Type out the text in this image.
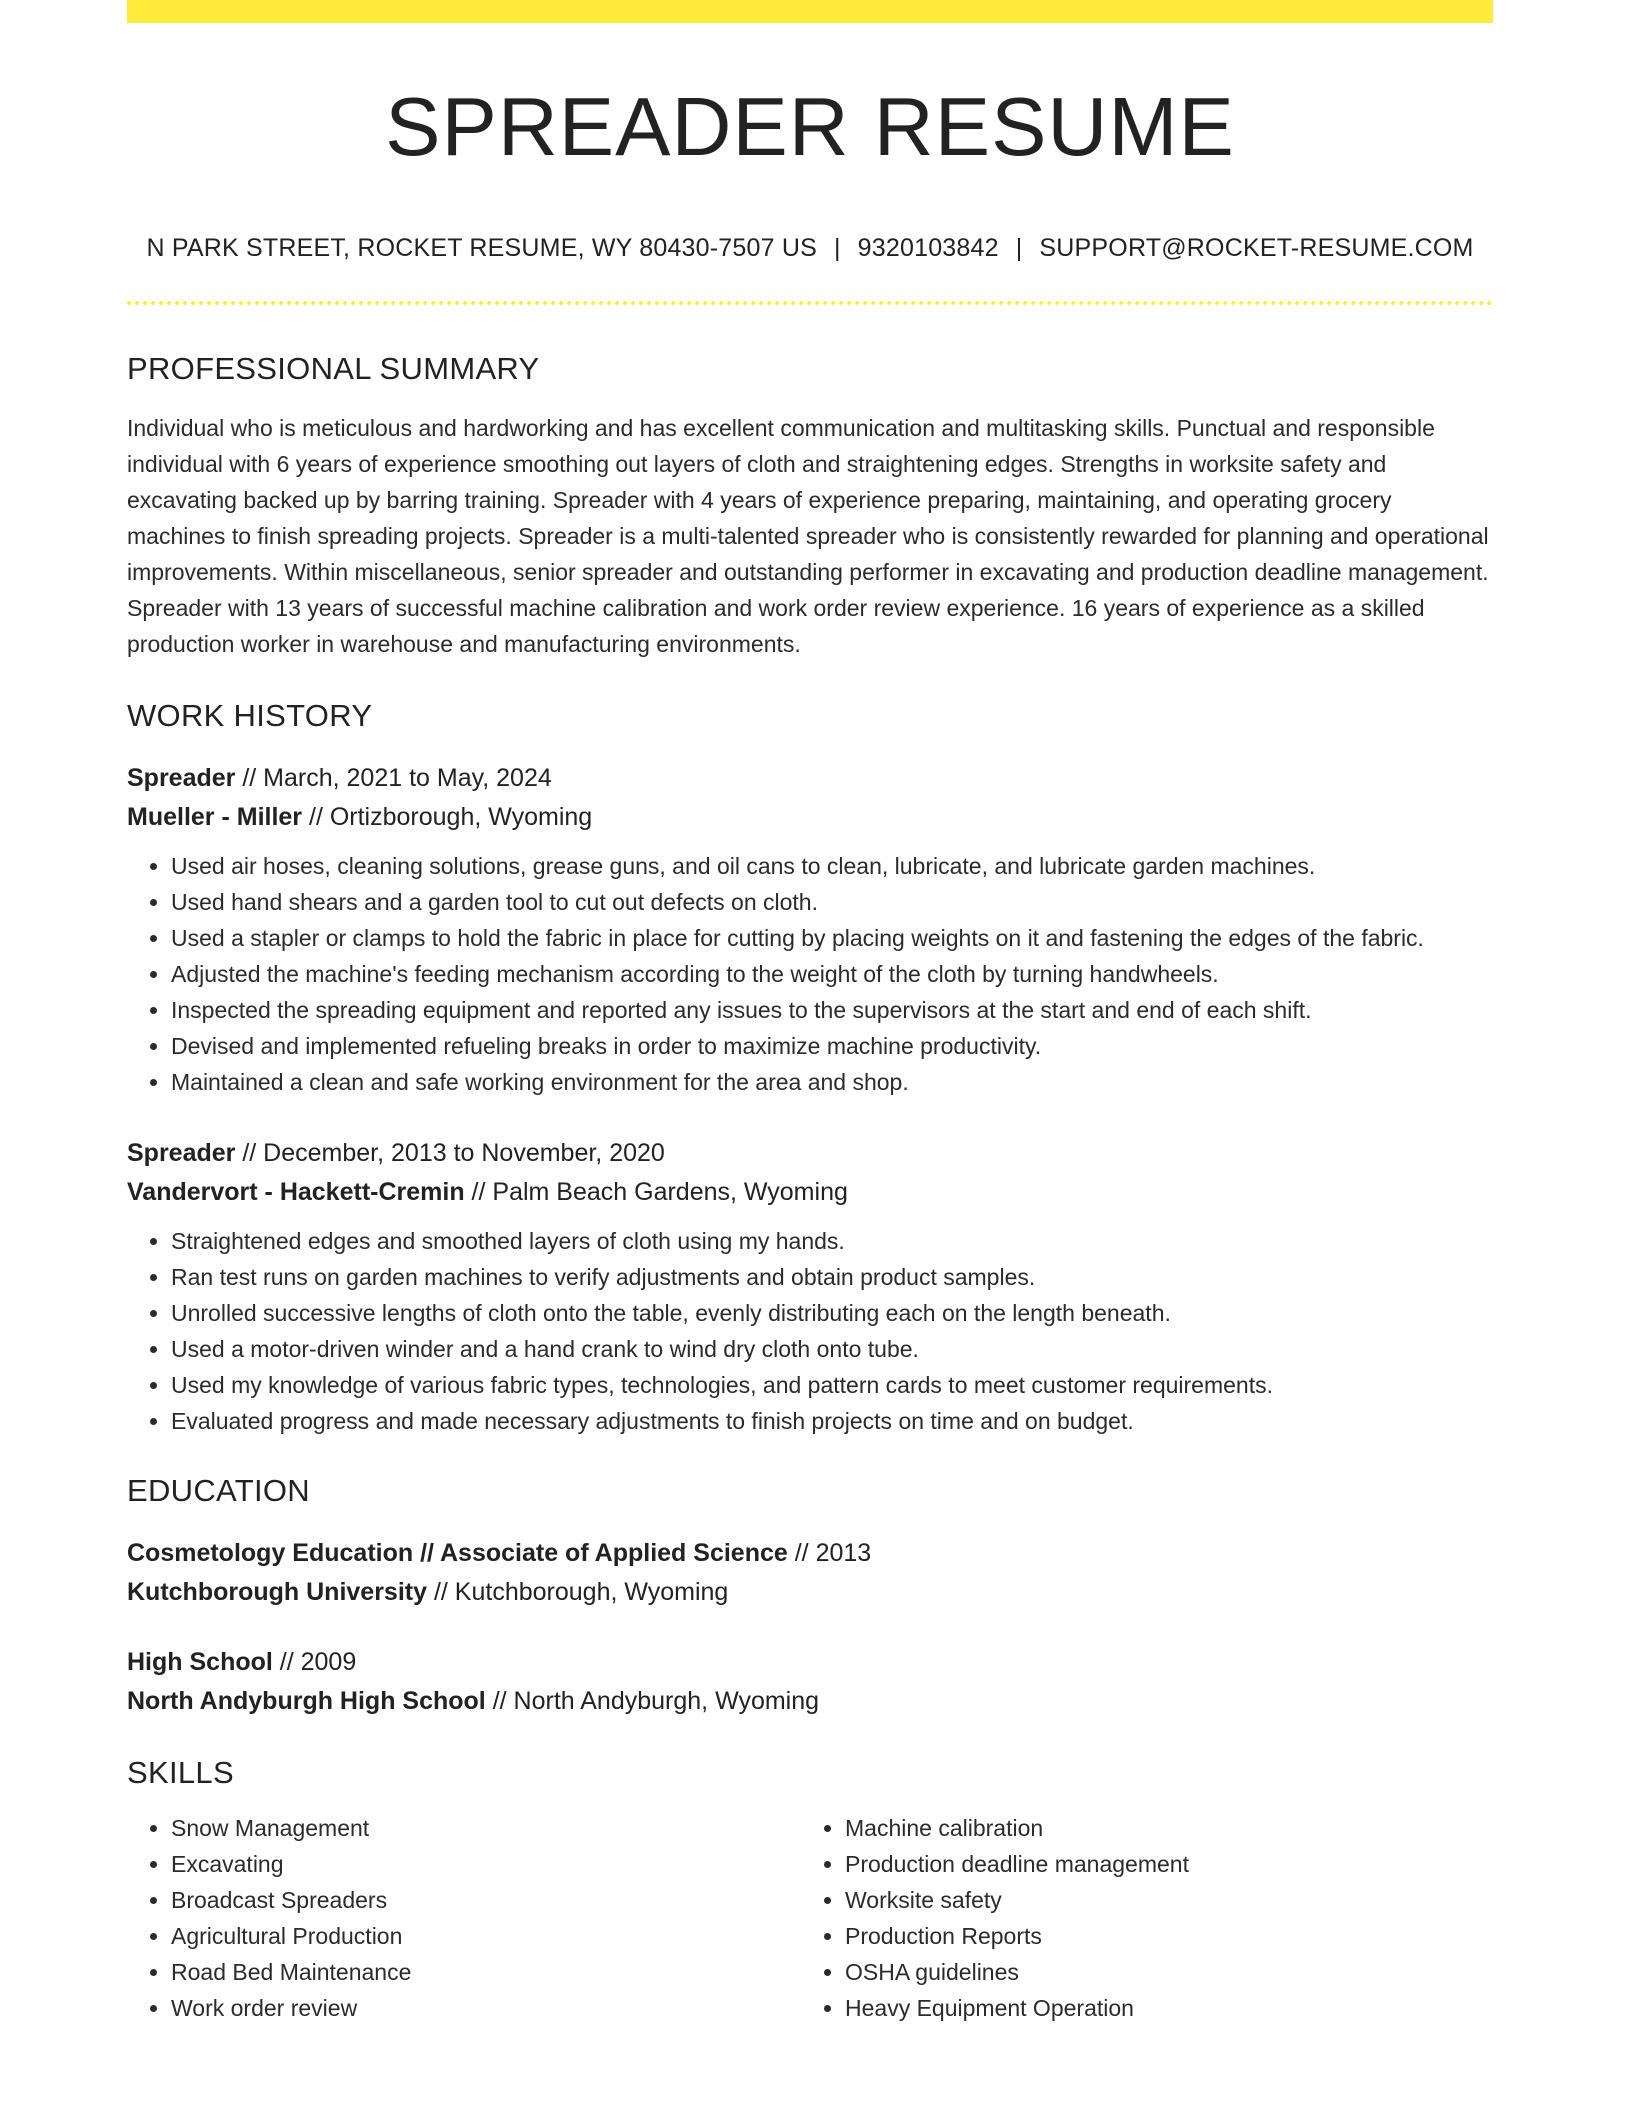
SPREADER RESUME
N PARK STREET, ROCKET RESUME, WY 80430-7507 US | 9320103842 | SUPPORT@ROCKET-RESUME.COM
PROFESSIONAL SUMMARY
Individual who is meticulous and hardworking and has excellent communication and multitasking skills. Punctual and responsible individual with 6 years of experience smoothing out layers of cloth and straightening edges. Strengths in worksite safety and excavating backed up by barring training. Spreader with 4 years of experience preparing, maintaining, and operating grocery machines to finish spreading projects. Spreader is a multi-talented spreader who is consistently rewarded for planning and operational improvements. Within miscellaneous, senior spreader and outstanding performer in excavating and production deadline management. Spreader with 13 years of successful machine calibration and work order review experience. 16 years of experience as a skilled production worker in warehouse and manufacturing environments.
WORK HISTORY
Spreader // March, 2021 to May, 2024
Mueller - Miller // Ortizborough, Wyoming
• Used air hoses, cleaning solutions, grease guns, and oil cans to clean, lubricate, and lubricate garden machines.
• Used hand shears and a garden tool to cut out defects on cloth.
• Used a stapler or clamps to hold the fabric in place for cutting by placing weights on it and fastening the edges of the fabric.
• Adjusted the machine's feeding mechanism according to the weight of the cloth by turning handwheels.
• Inspected the spreading equipment and reported any issues to the supervisors at the start and end of each shift.
• Devised and implemented refueling breaks in order to maximize machine productivity.
• Maintained a clean and safe working environment for the area and shop.
Spreader // December, 2013 to November, 2020
Vandervort - Hackett-Cremin // Palm Beach Gardens, Wyoming
• Straightened edges and smoothed layers of cloth using my hands.
• Ran test runs on garden machines to verify adjustments and obtain product samples.
• Unrolled successive lengths of cloth onto the table, evenly distributing each on the length beneath.
• Used a motor-driven winder and a hand crank to wind dry cloth onto tube.
• Used my knowledge of various fabric types, technologies, and pattern cards to meet customer requirements.
• Evaluated progress and made necessary adjustments to finish projects on time and on budget.
EDUCATION
Cosmetology Education // Associate of Applied Science // 2013
Kutchborough University // Kutchborough, Wyoming
High School // 2009
North Andyburgh High School // North Andyburgh, Wyoming
SKILLS
• Snow Management
• Excavating
• Broadcast Spreaders
• Agricultural Production
• Road Bed Maintenance
• Work order review
• Machine calibration
• Production deadline management
• Worksite safety
• Production Reports
• OSHA guidelines
• Heavy Equipment Operation
